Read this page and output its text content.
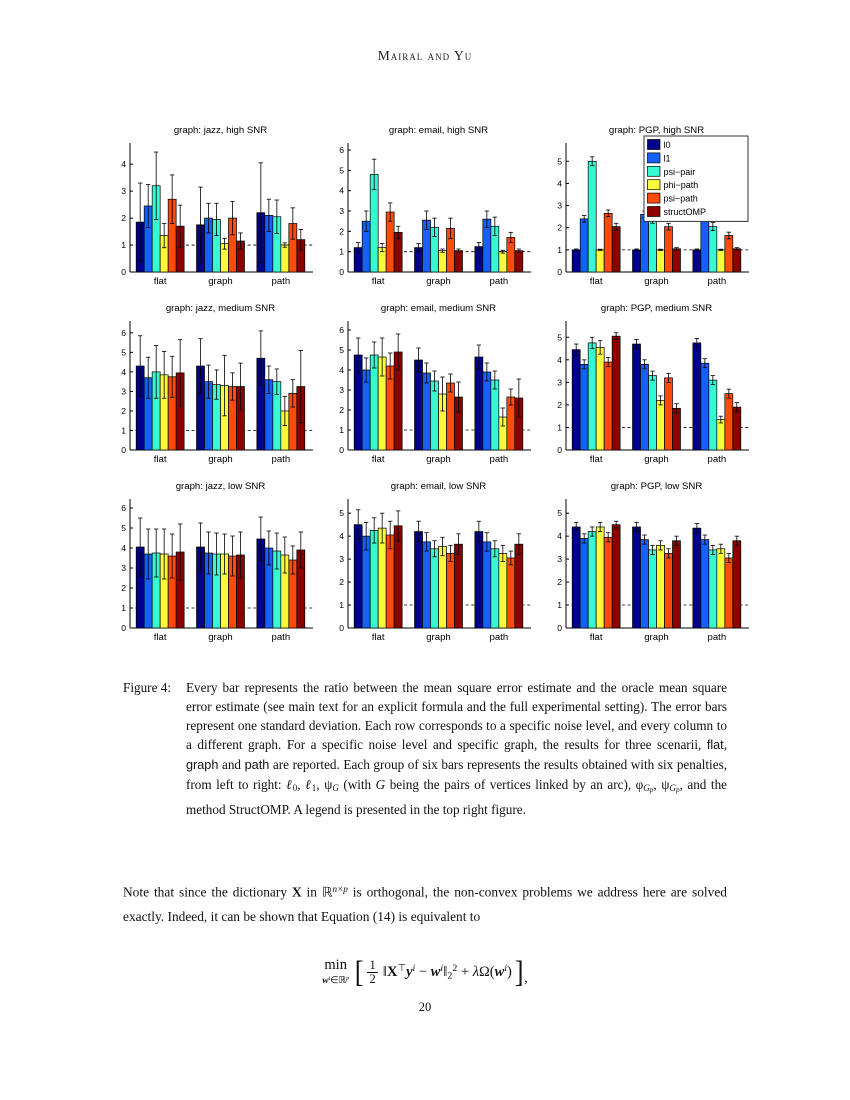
Mairal and Yu
graph: jazz, high SNR
0
1
2
3
4
flat	graph	path
graph: email, high SNR
0
1
2
3
4
5
6
flat	graph	path
graph: PGP, high SNR
0
1
2
3
4
5
flat	graph	path
l0
l1
psi−pair
phi−path
psi−path
structOMP
graph: jazz, medium SNR
0
1
2
3
4
5
6
flat	graph	path
graph: email, medium SNR
0
1
2
3
4
5
6
flat	graph	path
graph: PGP, medium SNR
0
1
2
3
4
5
flat	graph	path
graph: jazz, low SNR
0
1
2
3
4
5
6
flat	graph	path
graph: email, low SNR
0
1
2
3
4
5
flat	graph	path
graph: PGP, low SNR
0
1
2
3
4
5
flat	graph	path
Figure 4:	Every bar represents the ratio between the mean square error estimate and the oracle mean square error estimate (see main text for an explicit formula and the full experimental setting). The error bars represent one standard deviation. Each row corresponds to a specific noise level, and every column to a different graph. For a specific noise level and specific graph, the results for three scenarii, flat, graph and path are reported. Each group of six bars represents the results obtained with six penalties, from left to right: ℓ$_0$, ℓ$_1$, $\psi_G$ (with G being the pairs of vertices linked by an arc), $\varphi_{Gp}$, $\psi_{Gp}$, and the method StructOMP. A legend is presented in the top right figure.
Note that since the dictionary X in ℝ$^{n\times p}$ is orthogonal, the non-convex problems we address here are solved exactly. Indeed, it can be shown that Equation (14) is equivalent to
min
$w^i\in ℝ^p$ [ $\frac{1}{2}$ $‖X^⊤y^i$ − $w^i‖_2^2 + \lambda\Omega(w^i)$ ] ,
20
